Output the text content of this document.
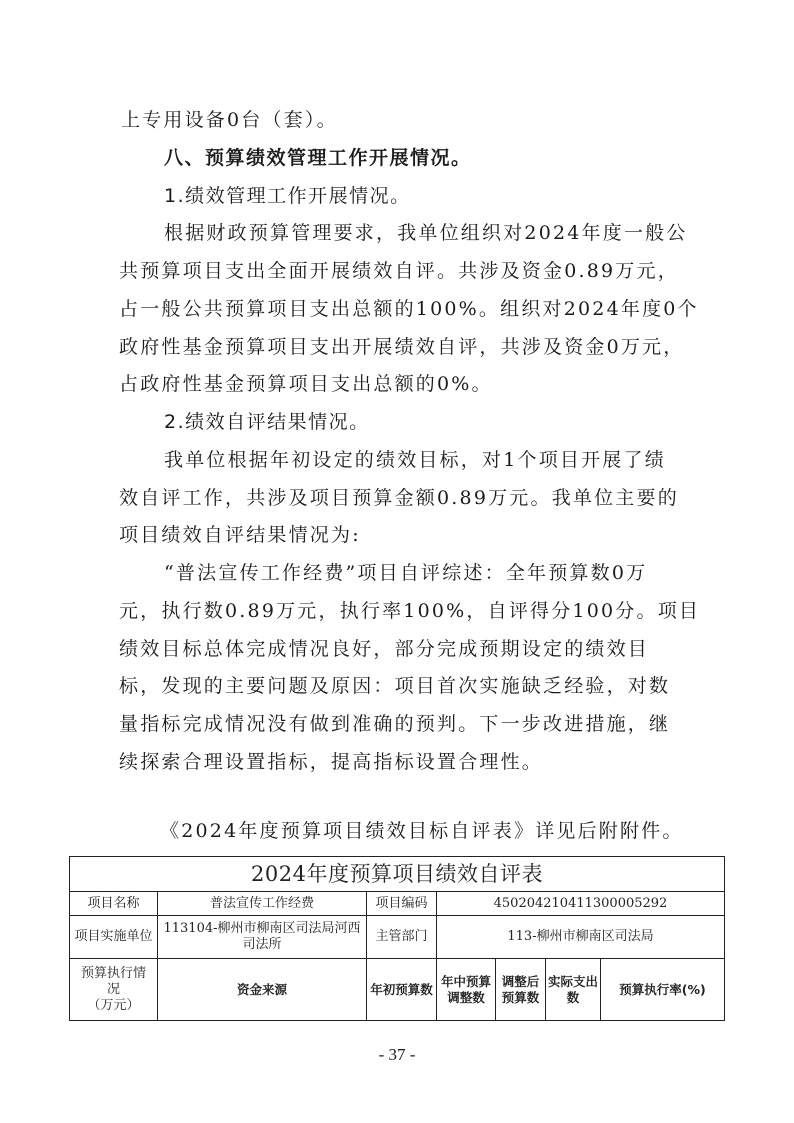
上专用设备0台（套）。
八、预算绩效管理工作开展情况。
1.绩效管理工作开展情况。
根据财政预算管理要求，我单位组织对2024年度一般公
共预算项目支出全面开展绩效自评。共涉及资金0.89万元，
占一般公共预算项目支出总额的100%。组织对2024年度0个
政府性基金预算项目支出开展绩效自评，共涉及资金0万元，
占政府性基金预算项目支出总额的0%。
2.绩效自评结果情况。
我单位根据年初设定的绩效目标，对1个项目开展了绩
效自评工作，共涉及项目预算金额0.89万元。我单位主要的
项目绩效自评结果情况为:
“普法宣传工作经费”项目自评综述：全年预算数0万
元，执行数0.89万元，执行率100%，自评得分100分。项目
绩效目标总体完成情况良好，部分完成预期设定的绩效目
标，发现的主要问题及原因：项目首次实施缺乏经验，对数
量指标完成情况没有做到准确的预判。下一步改进措施，继
续探索合理设置指标，提高指标设置合理性。
《2024年度预算项目绩效目标自评表》详见后附附件。
2024年度预算项目绩效自评表						
项目名称	普法宣传工作经费	项目编码	450204210411300005292			
项目实施单位	113104-柳州市柳南区司法局河西司法所	主管部门	113-柳州市柳南区司法局			

预算执行情
况
（万元）	资金来源	年初预算数	年中预算调整数	调整后预算数	实际支出数	预算执行率(%)
- 37 -
